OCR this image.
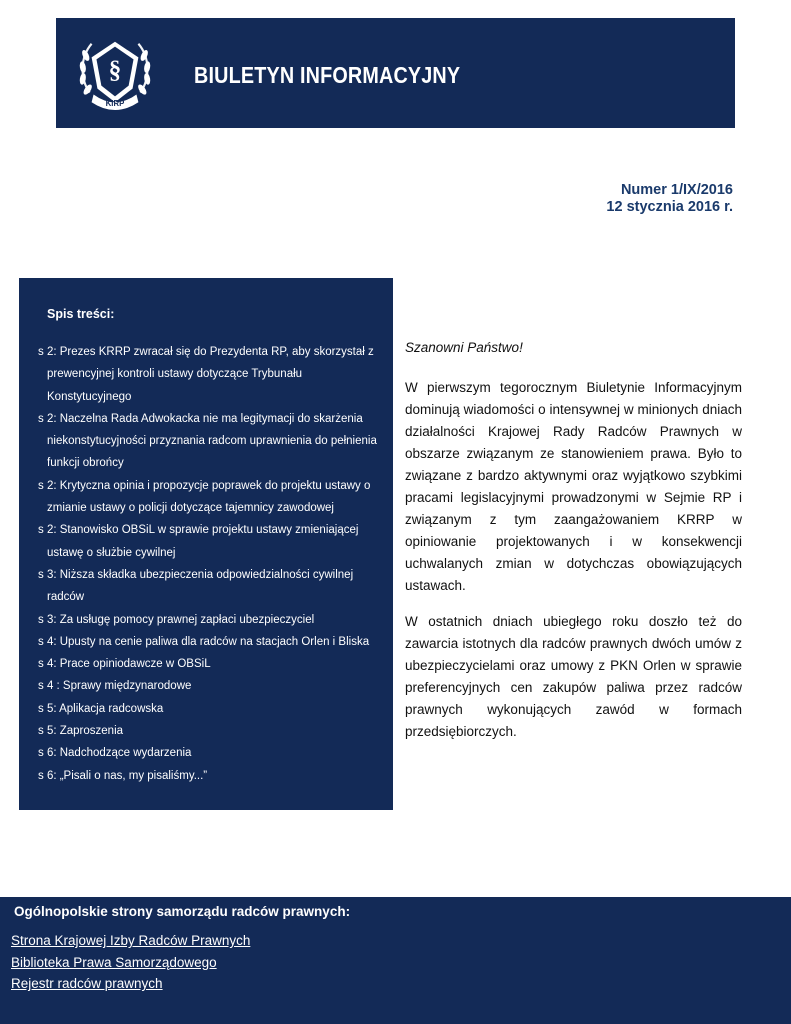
§
KIRP
BIULETYN INFORMACYJNY
Numer 1/IX/2016
12 stycznia 2016 r.
Spis treści:
s 2: Prezes KRRP zwracał się do Prezydenta RP, aby skorzystał z prewencyjnej kontroli ustawy dotyczące Trybunału Konstytucyjnego
s 2: Naczelna Rada Adwokacka nie ma legitymacji do skarżenia niekonstytucyjności przyznania radcom uprawnienia do pełnienia funkcji obrońcy
s 2: Krytyczna opinia i propozycje poprawek do projektu ustawy o zmianie ustawy o policji dotyczące tajemnicy zawodowej
s 2: Stanowisko OBSiL w sprawie projektu ustawy zmieniającej ustawę o służbie cywilnej
s 3: Niższa składka ubezpieczenia odpowiedzialności cywilnej radców
s 3: Za usługę pomocy prawnej zapłaci ubezpieczyciel
s 4: Upusty na cenie paliwa dla radców na stacjach Orlen i Bliska
s 4: Prace opiniodawcze w OBSiL
s 4 : Sprawy międzynarodowe
s 5: Aplikacja radcowska
s 5: Zaproszenia
s 6: Nadchodzące wydarzenia
s 6: „Pisali o nas, my pisaliśmy...”

Szanowni Państwo!

W pierwszym tegorocznym Biuletynie Informacyjnym dominują wiadomości o intensywnej w minionych dniach działalności Krajowej Rady Radców Prawnych w obszarze związanym ze stanowieniem prawa. Było to związane z bardzo aktywnymi oraz wyjątkowo szybkimi pracami legislacyjnymi prowadzonymi w Sejmie RP i związanym z tym zaangażowaniem KRRP w opiniowanie projektowanych i w konsekwencji uchwalanych zmian w dotychczas obowiązujących ustawach.

W ostatnich dniach ubiegłego roku doszło też do zawarcia istotnych dla radców prawnych dwóch umów z ubezpieczycielami oraz umowy z PKN Orlen w sprawie preferencyjnych cen zakupów paliwa przez radców prawnych wykonujących zawód w formach przedsiębiorczych.

Ogólnopolskie strony samorządu radców prawnych:
Strona Krajowej Izby Radców Prawnych
Biblioteka Prawa Samorządowego
Rejestr radców prawnych
